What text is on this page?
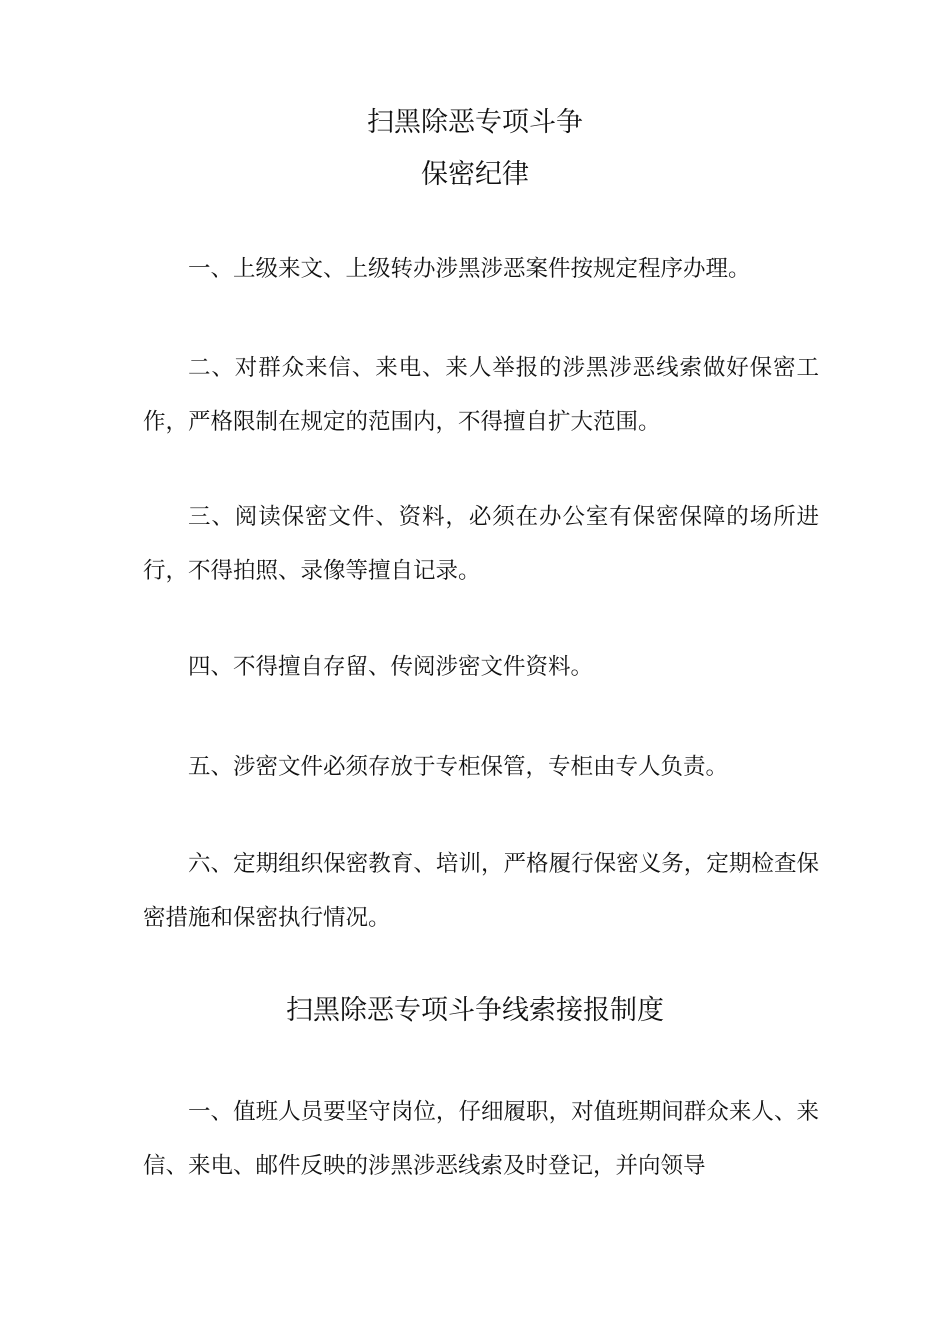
扫黑除恶专项斗争
保密纪律

一、上级来文、上级转办涉黑涉恶案件按规定程序办理。

二、对群众来信、来电、来人举报的涉黑涉恶线索做好保密工作，严格限制在规定的范围内，不得擅自扩大范围。

三、阅读保密文件、资料，必须在办公室有保密保障的场所进行，不得拍照、录像等擅自记录。

四、不得擅自存留、传阅涉密文件资料。

五、涉密文件必须存放于专柜保管，专柜由专人负责。

六、定期组织保密教育、培训，严格履行保密义务，定期检查保密措施和保密执行情况。

扫黑除恶专项斗争线索接报制度

一、值班人员要坚守岗位，仔细履职，对值班期间群众来人、来信、来电、邮件反映的涉黑涉恶线索及时登记，并向领导
